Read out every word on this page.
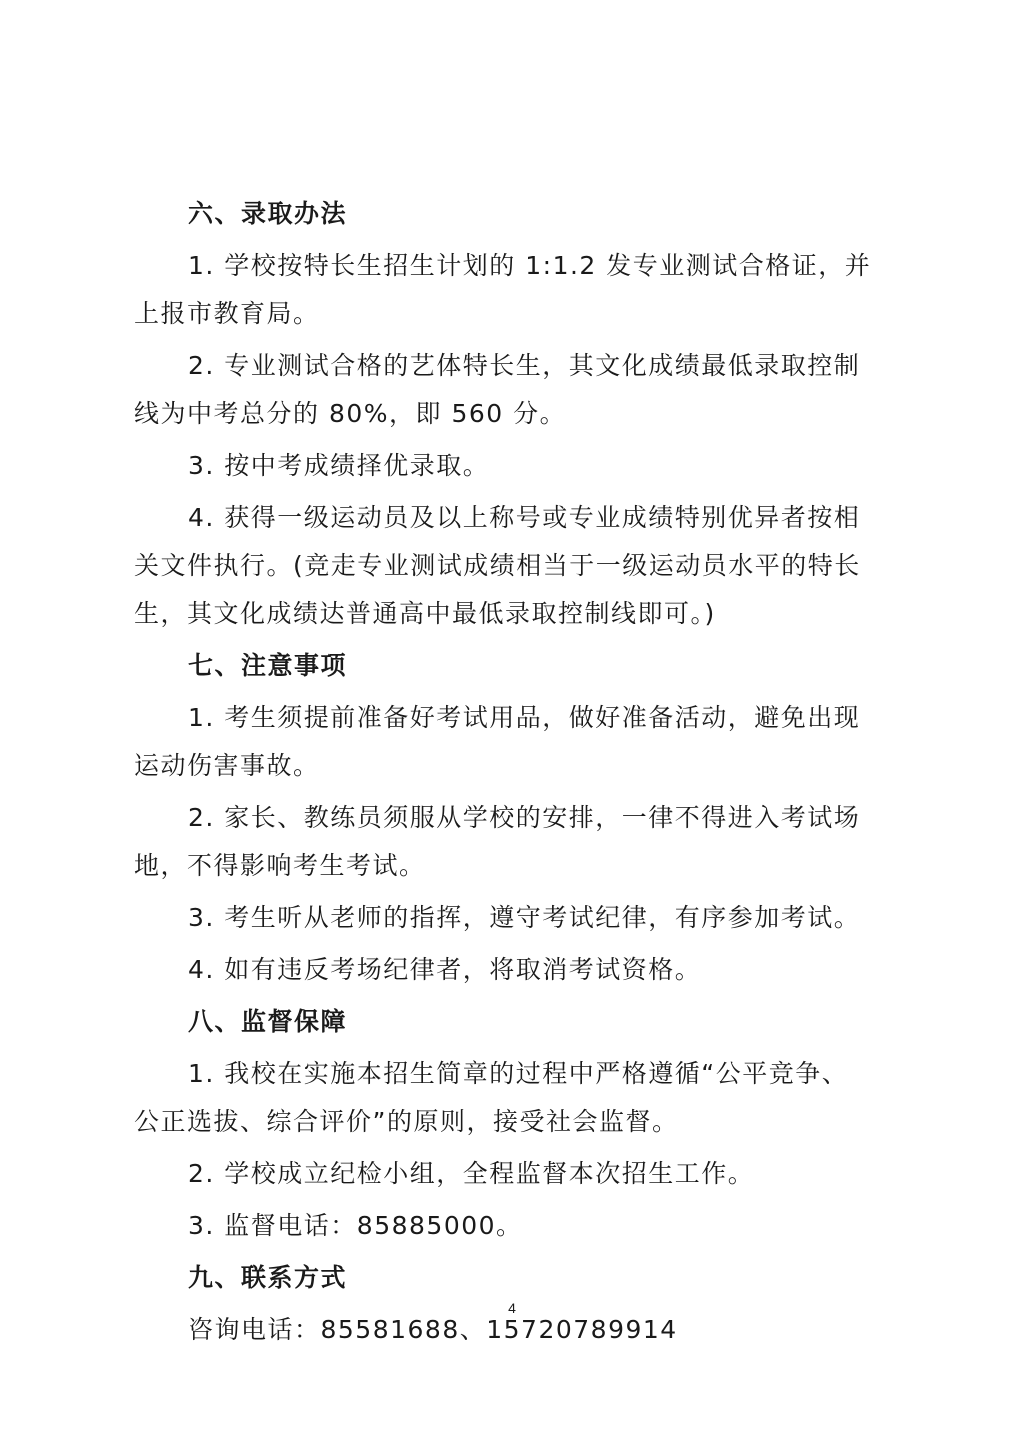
六、录取办法
1. 学校按特长生招生计划的 1:1.2 发专业测试合格证，并
上报市教育局。
2. 专业测试合格的艺体特长生，其文化成绩最低录取控制
线为中考总分的 80%，即 560 分。
3. 按中考成绩择优录取。
4. 获得一级运动员及以上称号或专业成绩特别优异者按相
关文件执行。(竞走专业测试成绩相当于一级运动员水平的特长
生，其文化成绩达普通高中最低录取控制线即可。)
七、注意事项
1. 考生须提前准备好考试用品，做好准备活动，避免出现
运动伤害事故。
2. 家长、教练员须服从学校的安排，一律不得进入考试场
地，不得影响考生考试。
3. 考生听从老师的指挥，遵守考试纪律，有序参加考试。
4. 如有违反考场纪律者，将取消考试资格。
八、监督保障
1. 我校在实施本招生简章的过程中严格遵循“公平竞争、
公正选拔、综合评价”的原则，接受社会监督。
2. 学校成立纪检小组，全程监督本次招生工作。
3. 监督电话：85885000。
九、联系方式
咨询电话：85581688、15720789914
4
